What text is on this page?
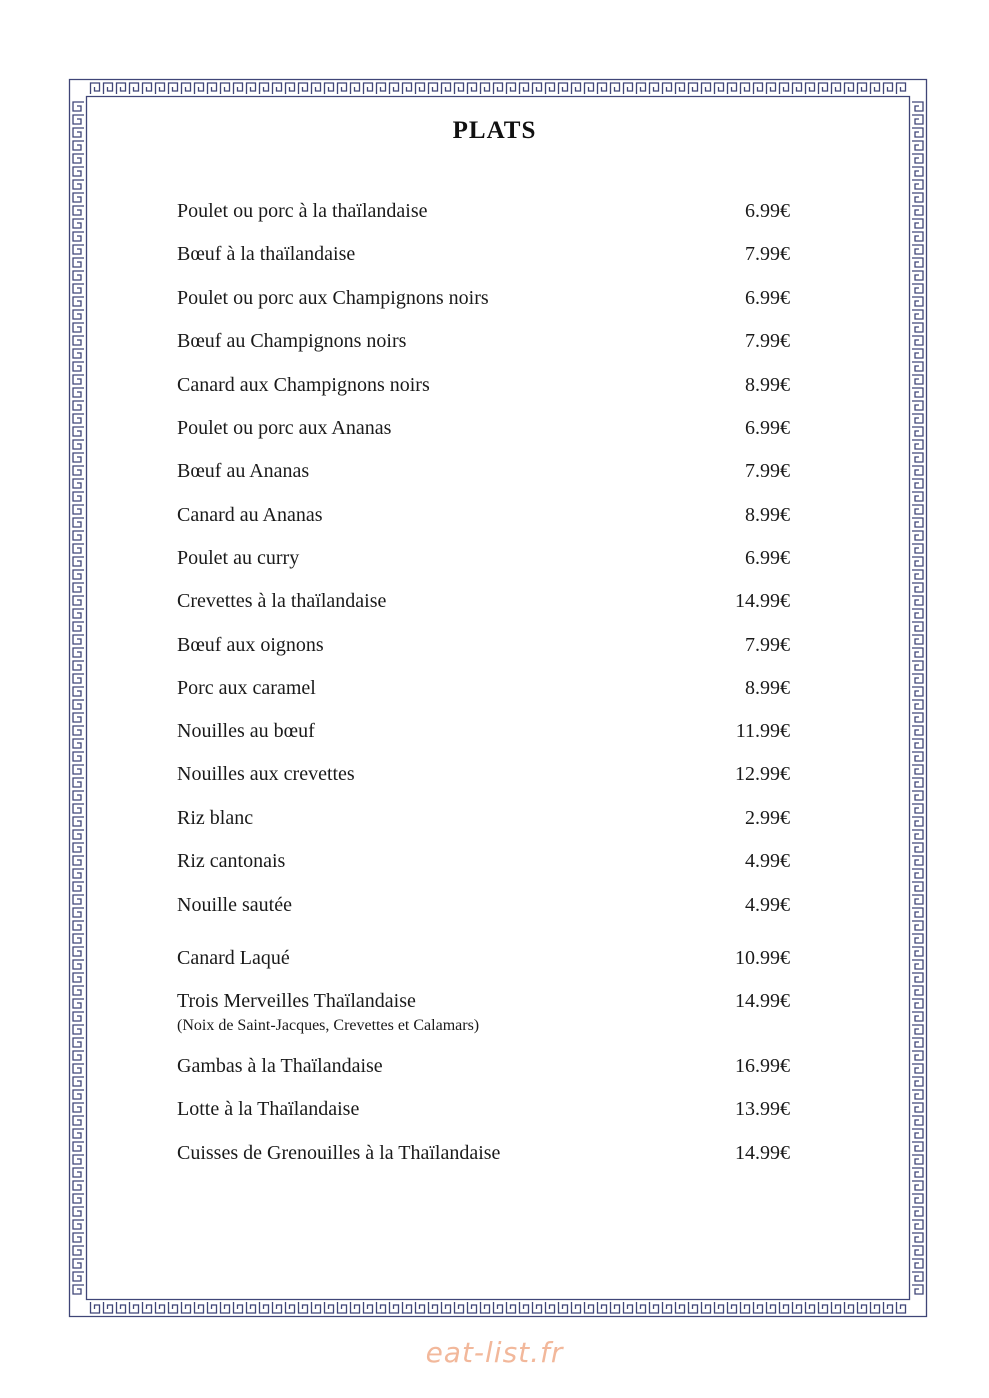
PLATS
Poulet ou porc à la thaïlandaise	6.99€
Bœuf à la thaïlandaise	7.99€
Poulet ou porc aux Champignons noirs	6.99€
Bœuf au Champignons noirs	7.99€
Canard aux Champignons noirs	8.99€
Poulet ou porc aux Ananas	6.99€
Bœuf au Ananas	7.99€
Canard au Ananas	8.99€
Poulet au curry	6.99€
Crevettes à la thaïlandaise	14.99€
Bœuf aux oignons	7.99€
Porc aux caramel	8.99€
Nouilles au bœuf	11.99€
Nouilles aux crevettes	12.99€
Riz blanc	2.99€
Riz cantonais	4.99€
Nouille sautée	4.99€
Canard Laqué	10.99€
Trois Merveilles Thaïlandaise	14.99€
(Noix de Saint-Jacques, Crevettes et Calamars)
Gambas à la Thaïlandaise	16.99€
Lotte à la Thaïlandaise	13.99€
Cuisses de Grenouilles à la Thaïlandaise	14.99€
eat-list.fr
